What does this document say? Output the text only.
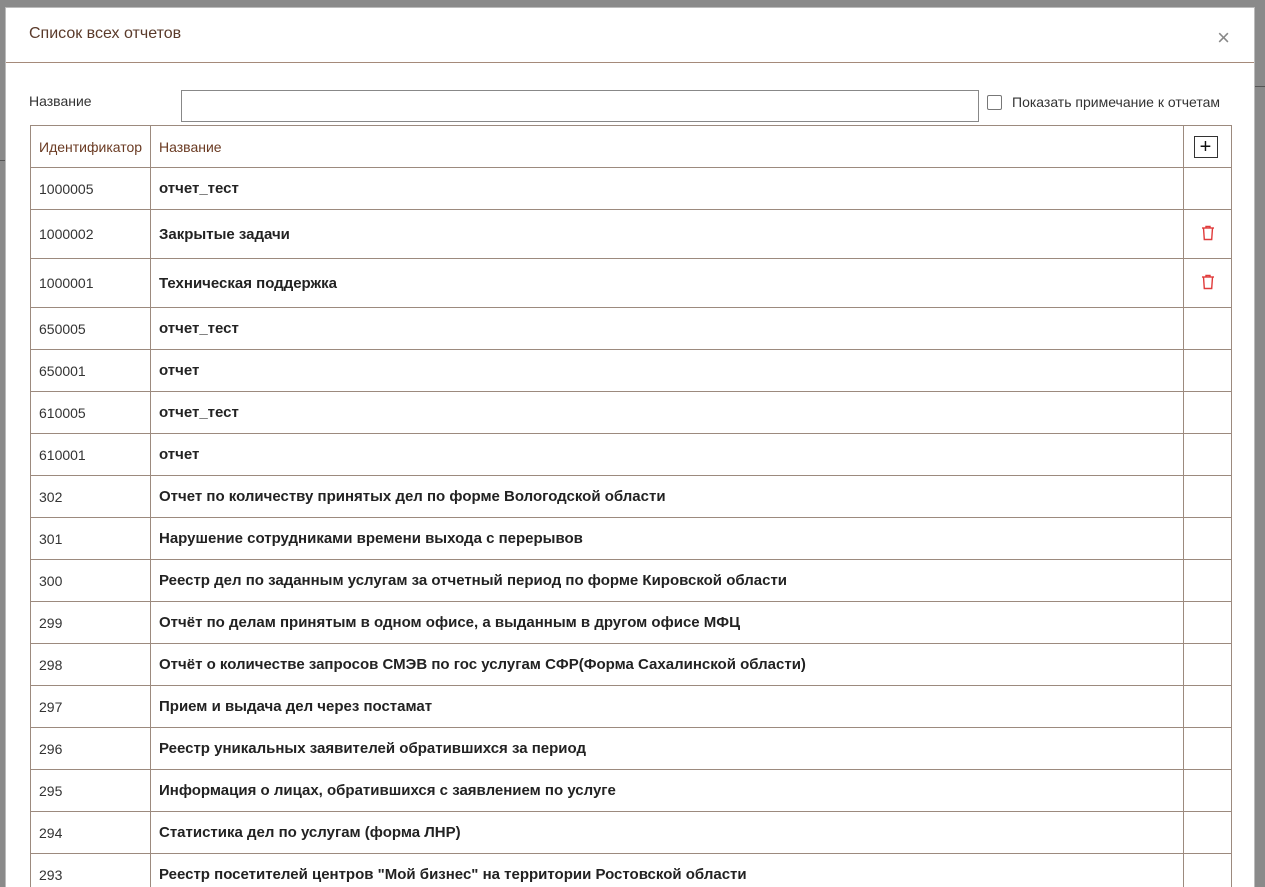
Список всех отчетов	×
Название	Показать примечание к отчетам
Идентификатор	Название	+
1000005	отчет_тест	
1000002	Закрытые задачи	
1000001	Техническая поддержка	
650005	отчет_тест	
650001	отчет	
610005	отчет_тест	
610001	отчет	
302	Отчет по количеству принятых дел по форме Вологодской области	
301	Нарушение сотрудниками времени выхода с перерывов	
300	Реестр дел по заданным услугам за отчетный период по форме Кировской области	
299	Отчёт по делам принятым в одном офисе, а выданным в другом офисе МФЦ	
298	Отчёт о количестве запросов СМЭВ по гос услугам СФР(Форма Сахалинской области)	
297	Прием и выдача дел через постамат	
296	Реестр уникальных заявителей обратившихся за период	
295	Информация о лицах, обратившихся с заявлением по услуге	
294	Статистика дел по услугам (форма ЛНР)	
293	Реестр посетителей центров "Мой бизнес" на территории Ростовской области	
